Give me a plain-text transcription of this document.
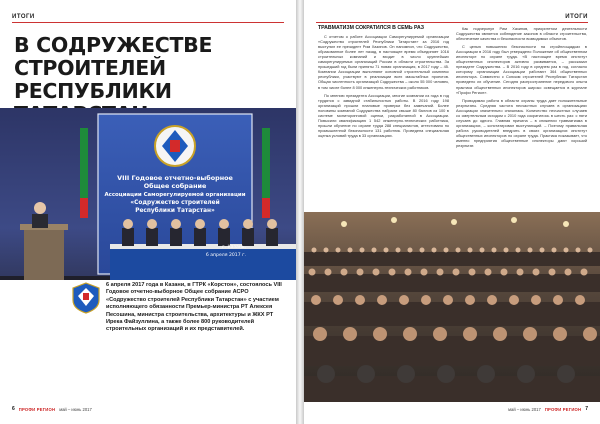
ИТОГИ
В СОДРУЖЕСТВЕ СТРОИТЕЛЕЙ
РЕСПУБЛИКИ
VIII Годовое отчетно-выборное
Общее собрание
Ассоциации Саморегулируемой организации
«Содружество строителей
Республики Татарстан»
г. Казань,
6 апреля 2017 г.
6 апреля 2017 года в Казани, в ГТРК «Корстон», состоялось VIII Годовое отчетно-выборное Общее собрание АСРО «Содружество строителей Республики Татарстан» с участием исполняющего обязанности Премьер-министра РТ Алексея Песошина, министра строительства, архитектуры и ЖКХ РТ Ирека Файзуллина, а также более 800 руководителей строительных организаций и их представителей.
6 ПРОФИ РЕГИОН май – июнь 2017
ИТОГИ

ТРАВМАТИЗМ СОКРАТИЛСЯ В СЕМЬ РАЗ

С отчетом о работе Ассоциации Саморегулируемой организации «Содружество строителей Республики Татарстан» за 2016 год выступил ее президент Рим Хазипов. Он напомнил, что Содружество, образованное более лет назад, в настоящее время объединяет 1016 строительных компаний и входит в число крупнейших саморегулируемых организаций России в области строительства. За прошедший год были приняты 71 новая организация, в 2017 году – 45. Компании Ассоциации выполняют основной строительный комплекс республики, участвуют в реализации всех масштабных проектов. Общая численность организаций Содружества – около 55 000 человек, в том числе более 8 000 инженерно-технических работников.

По мнению президента Ассоциации, многие компании из года в год трудятся с завидной стабильностью работы. В 2016 году 198 организаций прошли плановые проверки без замечаний. Более половины компаний Содружества набрали свыше 80 баллов из 100 в системе мониторинговой оценки, разработанной в Ассоциации. Повысили квалификацию 1 542 инженерно-технических работника, прошли обучение по охране труда 288 специалистов, аттестовано по промышленной безопасности 131 работник. Проведена специальная оценка условий труда в 33 организациях.

Как подчеркнул Рим Хазипов, приоритетом деятельности Содружества является соблюдение законов в области строительства, обеспечение качества и безопасности возводимых объектов.

С целью повышения безопасности на стройплощадках в Ассоциации в 2016 году был утверждено Положение об общественном инспекторе по охране труда. «В настоящее время институт общественных инспекторов активно развивается, – рассказал президент Содружества. – В 2016 году в среднем раз в год, согласно которому организации Ассоциации работают 364 общественных инспектора. Совместно с Союзом строителей Республики Татарстан проведено их обучение. Сегодня распространение передового опыта практика общественных инспекторов широко освещается в журнале «Профи Регион».

Проводимая работа в области охраны труда дает положительные результаты. Средняя частота несчастных случаев в организациях Ассоциации значительно снизилась. Количество несчастных случаев со смертельным исходом с 2010 года сократилось в шесть раз: с пяти случаев до одного. Главная причина – в снижении травматизма в организациях, – констатировал выступающий. – Поэтому правильная работа руководителей внедрить в своих организациях институт общественных инспекторов по охране труда. Практика показывает, что именно предприятия общественные инспекторы дают хороший результат.

май – июнь 2017 ПРОФИ РЕГИОН 7
